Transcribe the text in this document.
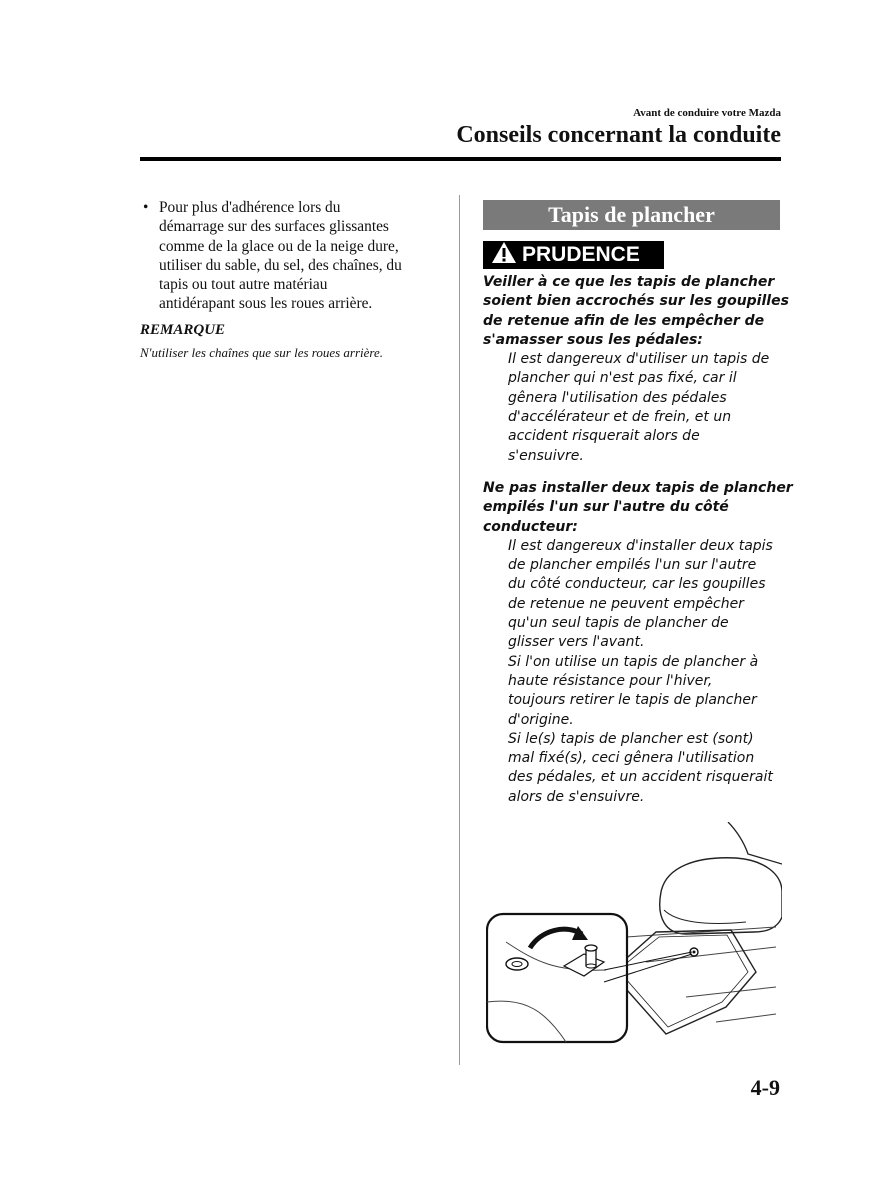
Avant de conduire votre Mazda
Conseils concernant la conduite
• Pour plus d'adhérence lors du
démarrage sur des surfaces glissantes
comme de la glace ou de la neige dure,
utiliser du sable, du sel, des chaînes, du
tapis ou tout autre matériau
antidérapant sous les roues arrière.
REMARQUE
N'utiliser les chaînes que sur les roues arrière.
Tapis de plancher
PRUDENCE
Veiller à ce que les tapis de plancher
soient bien accrochés sur les goupilles
de retenue afin de les empêcher de
s'amasser sous les pédales:
Il est dangereux d'utiliser un tapis de
plancher qui n'est pas fixé, car il
gênera l'utilisation des pédales
d'accélérateur et de frein, et un
accident risquerait alors de
s'ensuivre.
Ne pas installer deux tapis de plancher
empilés l'un sur l'autre du côté
conducteur:
Il est dangereux d'installer deux tapis
de plancher empilés l'un sur l'autre
du côté conducteur, car les goupilles
de retenue ne peuvent empêcher
qu'un seul tapis de plancher de
glisser vers l'avant.
Si l'on utilise un tapis de plancher à
haute résistance pour l'hiver,
toujours retirer le tapis de plancher
d'origine.
Si le(s) tapis de plancher est (sont)
mal fixé(s), ceci gênera l'utilisation
des pédales, et un accident risquerait
alors de s'ensuivre.
4-9
